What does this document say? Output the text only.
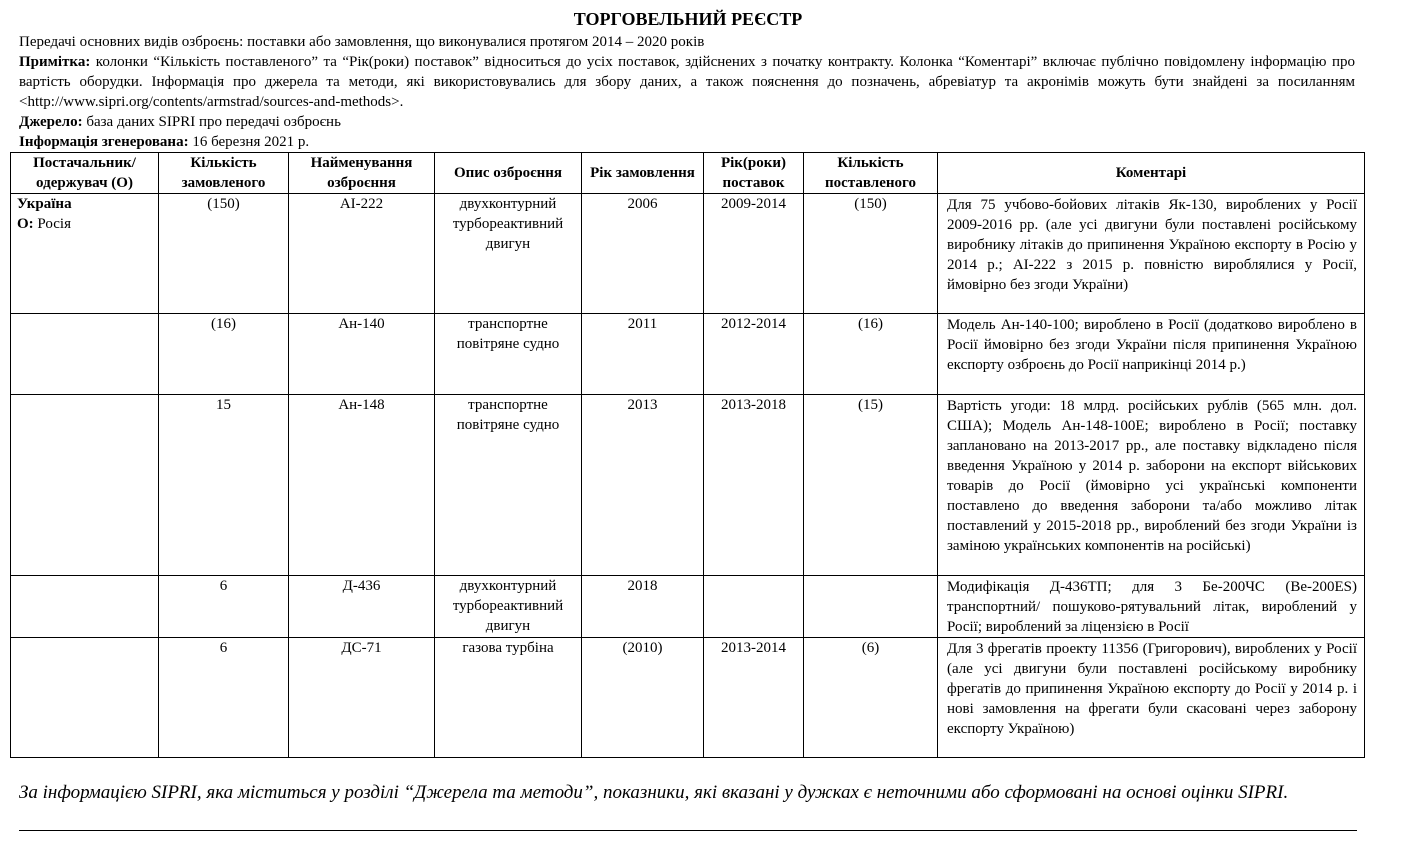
ТОРГОВЕЛЬНИЙ РЕЄСТР

Передачі основних видів озброєнь: поставки або замовлення, що виконувалися протягом 2014 – 2020 років

Примітка: колонки “Кількість поставленого” та “Рік(роки) поставок” відноситься до усіх поставок, здійснених з початку контракту. Колонка “Коментарі” включає публічно повідомлену інформацію про вартість оборудки. Інформація про джерела та методи, які використовувались для збору даних, а також пояснення до позначень, абревіатур та акронімів можуть бути знайдені за посиланням <http://www.sipri.org/contents/armstrad/sources-and-methods>.

Джерело: база даних SIPRI про передачі озброєнь

Інформація згенерована: 16 березня 2021 р.

Постачальник/ одержувач (О)	Кількість замовленого	Найменування озброєння	Опис озброєння	Рік замовлення	Рік(роки) поставок	Кількість поставленого	Коментарі
Україна
О: Росія	(150)	АІ-222	двухконтурний турбореактивний двигун	2006	2009-2014	(150)	Для 75 учбово-бойових літаків Як-130, вироблених у Росії 2009-2016 рр. (але усі двигуни були поставлені російському виробнику літаків до припинення Україною експорту в Росію у 2014 р.; АІ-222 з 2015 р. повністю вироблялися у Росії, ймовірно без згоди України)
	(16)	Ан-140	транспортне повітряне судно	2011	2012-2014	(16)	Модель Ан-140-100; вироблено в Росії (додатково вироблено в Росії ймовірно без згоди України після припинення Україною експорту озброєнь до Росії наприкінці 2014 р.)
	15	Ан-148	транспортне повітряне судно	2013	2013-2018	(15)	Вартість угоди: 18 млрд. російських рублів (565 млн. дол. США); Модель Ан-148-100Е; вироблено в Росії; поставку заплановано на 2013-2017 рр., але поставку відкладено після введення Україною у 2014 р. заборони на експорт військових товарів до Росії (ймовірно усі українські компоненти поставлено до введення заборони та/або можливо літак поставлений у 2015-2018 рр., вироблений без згоди України із заміною українських компонентів на російські)
	6	Д-436	двухконтурний турбореактивний двигун	2018			Модифікація Д-436ТП; для 3 Бе-200ЧС (Be-200ES) транспортний/ пошуково-рятувальний літак, вироблений у Росії; вироблений за ліцензією в Росії
	6	ДС-71	газова турбіна	(2010)	2013-2014	(6)	Для 3 фрегатів проекту 11356 (Григорович), вироблених у Росії (але усі двигуни були поставлені російському виробнику фрегатів до припинення Україною експорту до Росії у 2014 р. і нові замовлення на фрегати були скасовані через заборону експорту Україною)
За інформацією SIPRI, яка міститься у розділі “Джерела та методи”, показники, які вказані у дужках є неточними або сформовані на основі оцінки SIPRI.
